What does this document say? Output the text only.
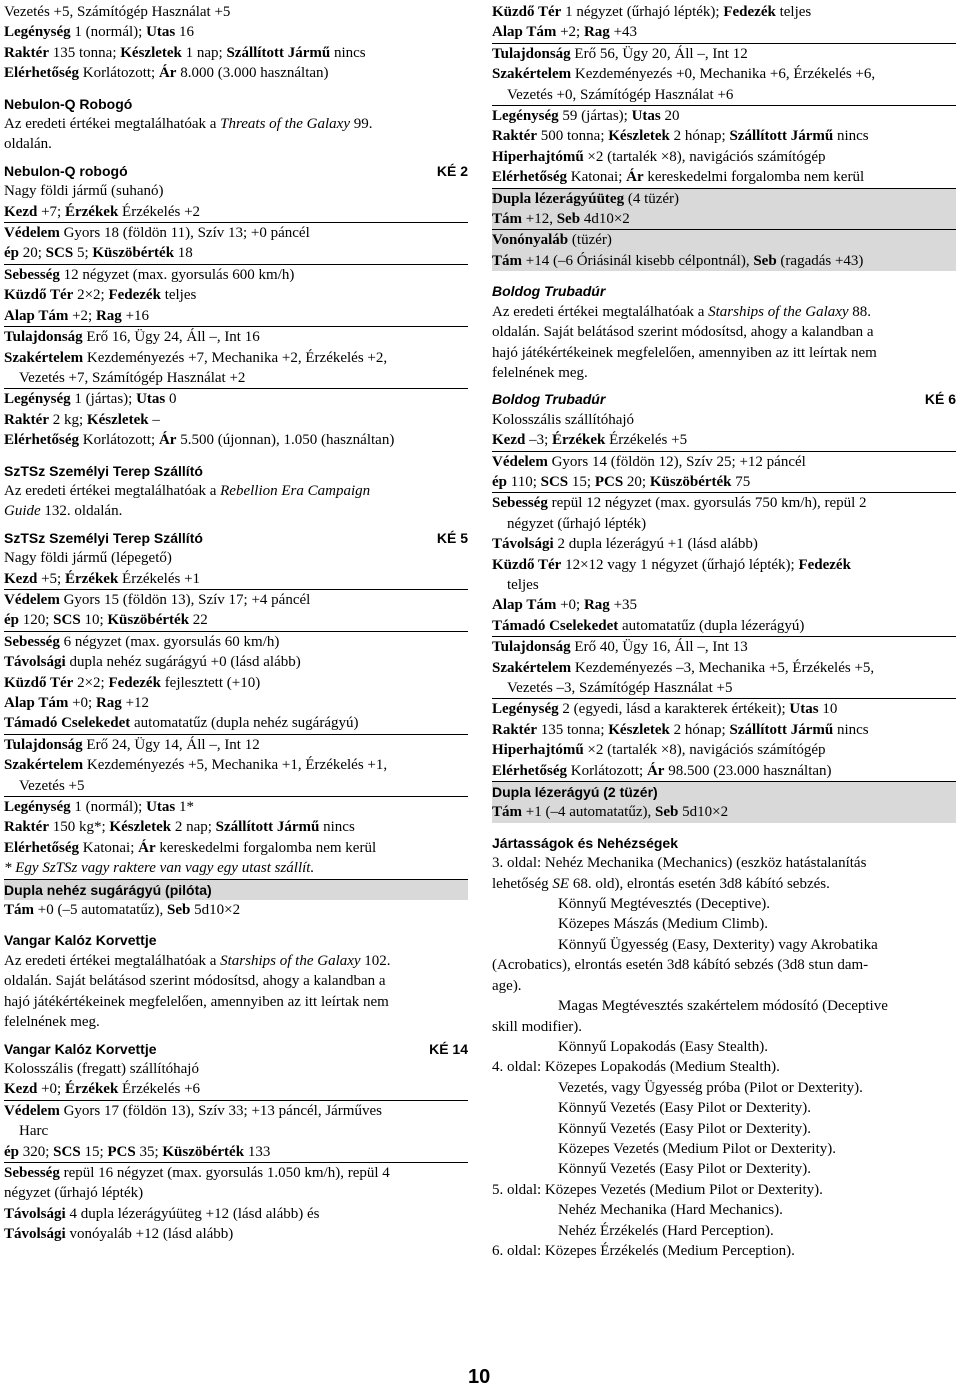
Vezetés +5, Számítógép Használat +5
Legénység 1 (normál); Utas 16
Raktér 135 tonna; Készletek 1 nap; Szállított Jármű nincs
Elérhetőség Korlátozott; Ár 8.000 (3.000 használtan)
Nebulon-Q Robogó
Az eredeti értékei megtalálhatóak a Threats of the Galaxy 99.
oldalán.
Nebulon-Q robogó	KÉ 2
Nagy földi jármű (suhanó)
Kezd +7; Érzékek Érzékelés +2
Védelem Gyors 18 (földön 11), Szív 13; +0 páncél
ép 20; SCS 5; Küszöbérték 18
Sebesség 12 négyzet (max. gyorsulás 600 km/h)
Küzdő Tér 2×2; Fedezék teljes
Alap Tám +2; Rag +16
Tulajdonság Erő 16, Ügy 24, Áll –, Int 16
Szakértelem Kezdeményezés +7, Mechanika +2, Érzékelés +2,
Vezetés +7, Számítógép Használat +2
Legénység 1 (jártas); Utas 0
Raktér 2 kg; Készletek –
Elérhetőség Korlátozott; Ár 5.500 (újonnan), 1.050 (használtan)
SzTSz Személyi Terep Szállító
Az eredeti értékei megtalálhatóak a Rebellion Era Campaign
Guide 132. oldalán.
SzTSz Személyi Terep Szállító	KÉ 5
Nagy földi jármű (lépegető)
Kezd +5; Érzékek Érzékelés +1
Védelem Gyors 15 (földön 13), Szív 17; +4 páncél
ép 120; SCS 10; Küszöbérték 22
Sebesség 6 négyzet (max. gyorsulás 60 km/h)
Távolsági dupla nehéz sugárágyú +0 (lásd alább)
Küzdő Tér 2×2; Fedezék fejlesztett (+10)
Alap Tám +0; Rag +12
Támadó Cselekedet automatatűz (dupla nehéz sugárágyú)
Tulajdonság Erő 24, Ügy 14, Áll –, Int 12
Szakértelem Kezdeményezés +5, Mechanika +1, Érzékelés +1,
Vezetés +5
Legénység 1 (normál); Utas 1*
Raktér 150 kg*; Készletek 2 nap; Szállított Jármű nincs
Elérhetőség Katonai; Ár kereskedelmi forgalomba nem kerül
* Egy SzTSz vagy raktere van vagy egy utast szállít.
Dupla nehéz sugárágyú (pilóta)
Tám +0 (–5 automatatűz), Seb 5d10×2
Vangar Kalóz Korvettje
Az eredeti értékei megtalálhatóak a Starships of the Galaxy 102.
oldalán. Saját belátásod szerint módosítsd, ahogy a kalandban a
hajó játékértékeinek megfelelően, amennyiben az itt leírtak nem
felelnének meg.
Vangar Kalóz Korvettje	KÉ 14
Kolosszális (fregatt) szállítóhajó
Kezd +0; Érzékek Érzékelés +6
Védelem Gyors 17 (földön 13), Szív 33; +13 páncél, Járműves
Harc
ép 320; SCS 15; PCS 35; Küszöbérték 133
Sebesség repül 16 négyzet (max. gyorsulás 1.050 km/h), repül 4
négyzet (űrhajó lépték)
Távolsági 4 dupla lézerágyúüteg +12 (lásd alább) és
Távolsági vonóyaláb +12 (lásd alább)
Küzdő Tér 1 négyzet (űrhajó lépték); Fedezék teljes
Alap Tám +2; Rag +43
Tulajdonság Erő 56, Ügy 20, Áll –, Int 12
Szakértelem Kezdeményezés +0, Mechanika +6, Érzékelés +6,
Vezetés +0, Számítógép Használat +6
Legénység 59 (jártas); Utas 20
Raktér 500 tonna; Készletek 2 hónap; Szállított Jármű nincs
Hiperhajtómű ×2 (tartalék ×8), navigációs számítógép
Elérhetőség Katonai; Ár kereskedelmi forgalomba nem kerül
Dupla lézerágyúüteg (4 tüzér)
Tám +12, Seb 4d10×2
Vonónyaláb (tüzér)
Tám +14 (–6 Óriásinál kisebb célpontnál), Seb (ragadás +43)
Boldog Trubadúr
Az eredeti értékei megtalálhatóak a Starships of the Galaxy 88.
oldalán. Saját belátásod szerint módosítsd, ahogy a kalandban a
hajó játékértékeinek megfelelően, amennyiben az itt leírtak nem
felelnének meg.
Boldog Trubadúr	KÉ 6
Kolosszális szállítóhajó
Kezd –3; Érzékek Érzékelés +5
Védelem Gyors 14 (földön 12), Szív 25; +12 páncél
ép 110; SCS 15; PCS 20; Küszöbérték 75
Sebesség repül 12 négyzet (max. gyorsulás 750 km/h), repül 2
négyzet (űrhajó lépték)
Távolsági 2 dupla lézerágyú +1 (lásd alább)
Küzdő Tér 12×12 vagy 1 négyzet (űrhajó lépték); Fedezék
teljes
Alap Tám +0; Rag +35
Támadó Cselekedet automatatűz (dupla lézerágyú)
Tulajdonság Erő 40, Ügy 16, Áll –, Int 13
Szakértelem Kezdeményezés –3, Mechanika +5, Érzékelés +5,
Vezetés –3, Számítógép Használat +5
Legénység 2 (egyedi, lásd a karakterek értékeit); Utas 10
Raktér 135 tonna; Készletek 2 hónap; Szállított Jármű nincs
Hiperhajtómű ×2 (tartalék ×8), navigációs számítógép
Elérhetőség Korlátozott; Ár 98.500 (23.000 használtan)
Dupla lézerágyú (2 tüzér)
Tám +1 (–4 automatatűz), Seb 5d10×2
Jártasságok és Nehézségek
3. oldal: Nehéz Mechanika (Mechanics) (eszköz hatástalanítás
lehetőség SE 68. old), elrontás esetén 3d8 kábító sebzés.
Könnyű Megtévesztés (Deceptive).
Közepes Mászás (Medium Climb).
Könnyű Ügyesség (Easy, Dexterity) vagy Akrobatika
(Acrobatics), elrontás esetén 3d8 kábító sebzés (3d8 stun dam-
age).
Magas Megtévesztés szakértelem módosító (Deceptive
skill modifier).
Könnyű Lopakodás (Easy Stealth).
4. oldal: Közepes Lopakodás (Medium Stealth).
Vezetés, vagy Ügyesség próba (Pilot or Dexterity).
Könnyű Vezetés (Easy Pilot or Dexterity).
Könnyű Vezetés (Easy Pilot or Dexterity).
Közepes Vezetés (Medium Pilot or Dexterity).
Könnyű Vezetés (Easy Pilot or Dexterity).
5. oldal: Közepes Vezetés (Medium Pilot or Dexterity).
Nehéz Mechanika (Hard Mechanics).
Nehéz Érzékelés (Hard Perception).
6. oldal: Közepes Érzékelés (Medium Perception).
10
